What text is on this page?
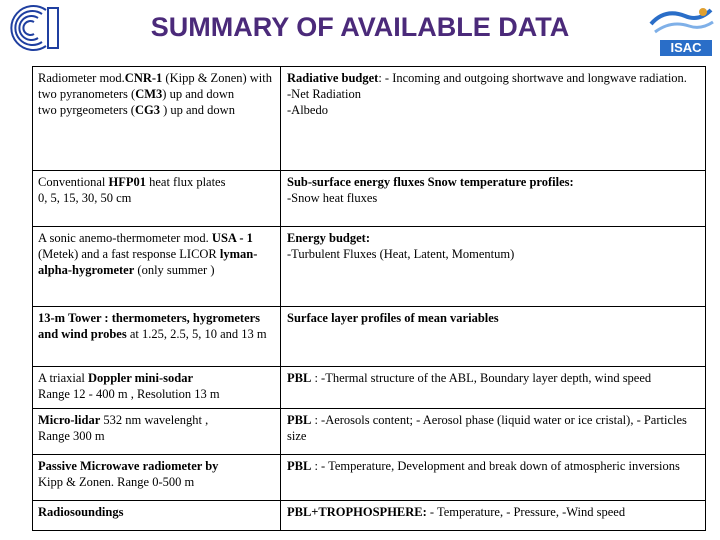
SUMMARY OF AVAILABLE DATA
ISAC
Radiometer mod.CNR-1 (Kipp & Zonen) with
two pyranometers (CM3) up and down
two pyrgeometers (CG3 ) up and down	Radiative budget: - Incoming and outgoing shortwave and longwave radiation.
-Net Radiation
-Albedo
Conventional HFP01 heat flux plates
0, 5, 15, 30, 50 cm	Sub-surface energy fluxes Snow temperature profiles:
-Snow heat fluxes
A sonic anemo-thermometer mod. USA - 1 (Metek) and a fast response LICOR lyman-alpha-hygrometer (only summer )	Energy budget:
-Turbulent Fluxes (Heat, Latent, Momentum)
13-m Tower : thermometers, hygrometers and wind probes at 1.25, 2.5, 5, 10 and 13 m	Surface layer profiles of mean variables
A triaxial Doppler mini-sodar
Range 12 - 400 m , Resolution 13 m	PBL : -Thermal structure of the ABL, Boundary layer depth, wind speed
Micro-lidar 532 nm wavelenght ,
Range 300 m	PBL : -Aerosols content; - Aerosol phase (liquid water or ice cristal), - Particles size
Passive Microwave radiometer by
Kipp & Zonen. Range 0-500 m	PBL : - Temperature, Development and break down of atmospheric inversions
Radiosoundings	PBL+TROPHOSPHERE: - Temperature, - Pressure, -Wind speed
